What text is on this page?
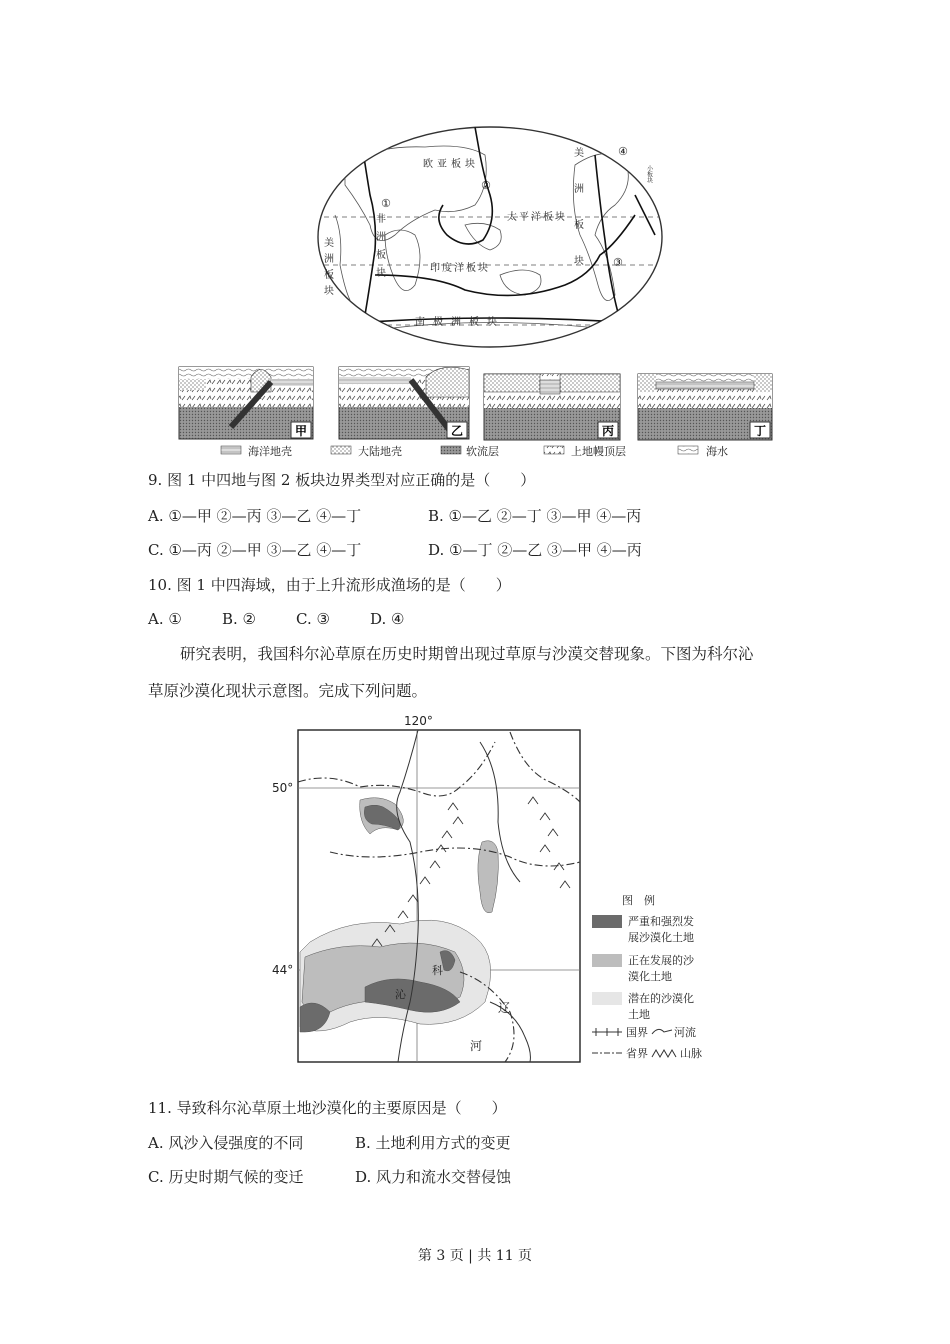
欧亚板块
太平洋板块
印度洋板块
南极洲板块
非洲板块
美洲板块	美洲板块	小板块
①
②
③
④
甲	乙	丙	丁
海洋地壳	大陆地壳	软流层	上地幔顶层	海水
9. 图 1 中四地与图 2 板块边界类型对应正确的是（　　）
A. ①—甲 ②—丙 ③—乙 ④—丁	B. ①—乙 ②—丁 ③—甲 ④—丙
C. ①—丙 ②—甲 ③—乙 ④—丁	D. ①—丁 ②—乙 ③—甲 ④—丙
10. 图 1 中四海域，由于上升流形成渔场的是（　　）
A. ①	B. ②	C. ③	D. ④
研究表明，我国科尔沁草原在历史时期曾出现过草原与沙漠交替现象。下图为科尔沁
草原沙漠化现状示意图。完成下列问题。
120°
50°
44°	科
沁
辽
河
图　例
严重和强烈发
展沙漠化土地
正在发展的沙
漠化土地
潜在的沙漠化
土地
国界 河流
省界	山脉
11. 导致科尔沁草原土地沙漠化的主要原因是（　　）
A. 风沙入侵强度的不同	B. 土地利用方式的变更
C. 历史时期气候的变迁	D. 风力和流水交替侵蚀
第 3 页 | 共 11 页
